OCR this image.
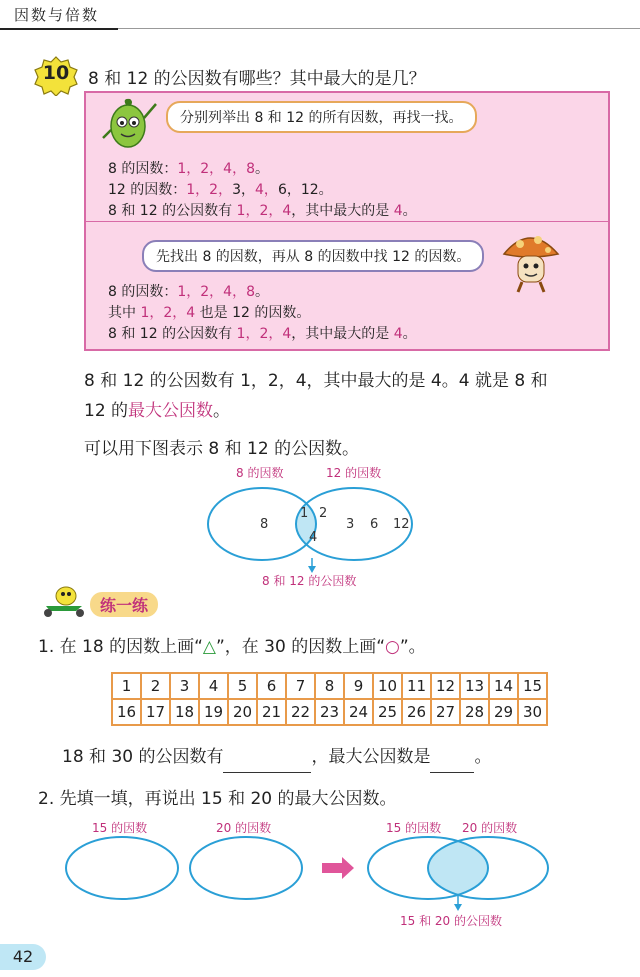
因数与倍数
10 8 和 12 的公因数有哪些？其中最大的是几？
分别列举出 8 和 12 的所有因数，再找一找。
8 的因数：1，2，4，8。
12 的因数：1，2，3，4，6，12。
8 和 12 的公因数有 1，2，4，其中最大的是 4。
先找出 8 的因数，再从 8 的因数中找 12 的因数。
8 的因数：1，2，4，8。
其中 1，2，4 也是 12 的因数。
8 和 12 的公因数有 1，2，4，其中最大的是 4。
8 和 12 的公因数有 1，2，4，其中最大的是 4。4 就是 8 和
12 的最大公因数。
可以用下图表示 8 和 12 的公因数。
8 的因数	12 的因数
8
1 2
4
3 6 12
8 和 12 的公因数
练一练
1. 在 18 的因数上画“△”，在 30 的因数上画“○”。
1	2	3	4	5	6	7	8	9	10	11	12	13	14	15
16	17	18	19	20	21	22	23	24	25	26	27	28	29	30
18 和 30 的公因数有	，最大公因数是	。
2. 先填一填，再说出 15 和 20 的最大公因数。
15 的因数	20 的因数	15 的因数 20 的因数
15 和 20 的公因数
42
